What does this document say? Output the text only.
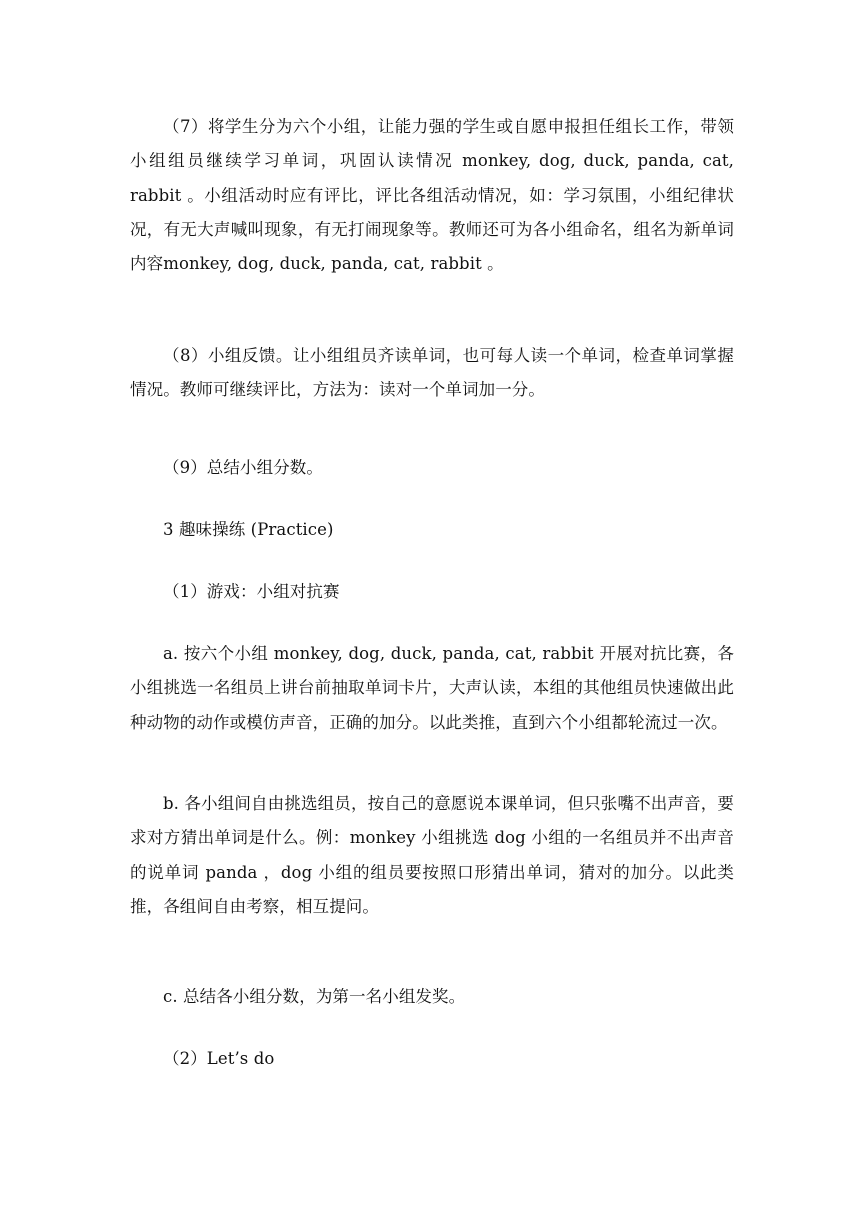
（7）将学生分为六个小组，让能力强的学生或自愿申报担任组长工作，带领小组组员继续学习单词，巩固认读情况 monkey, dog, duck, panda, cat, rabbit 。小组活动时应有评比，评比各组活动情况，如：学习氛围，小组纪律状况，有无大声喊叫现象，有无打闹现象等。教师还可为各小组命名，组名为新单词内容monkey, dog, duck, panda, cat, rabbit 。

（8）小组反馈。让小组组员齐读单词，也可每人读一个单词，检查单词掌握情况。教师可继续评比，方法为：读对一个单词加一分。

（9）总结小组分数。

3 趣味操练 (Practice)

（1）游戏：小组对抗赛

a. 按六个小组 monkey, dog, duck, panda, cat, rabbit 开展对抗比赛，各小组挑选一名组员上讲台前抽取单词卡片，大声认读，本组的其他组员快速做出此种动物的动作或模仿声音，正确的加分。以此类推，直到六个小组都轮流过一次。

b. 各小组间自由挑选组员，按自己的意愿说本课单词，但只张嘴不出声音，要求对方猜出单词是什么。例：monkey 小组挑选 dog 小组的一名组员并不出声音的说单词 panda ，dog 小组的组员要按照口形猜出单词，猜对的加分。以此类推，各组间自由考察，相互提问。

c. 总结各小组分数，为第一名小组发奖。

（2）Let’s do
